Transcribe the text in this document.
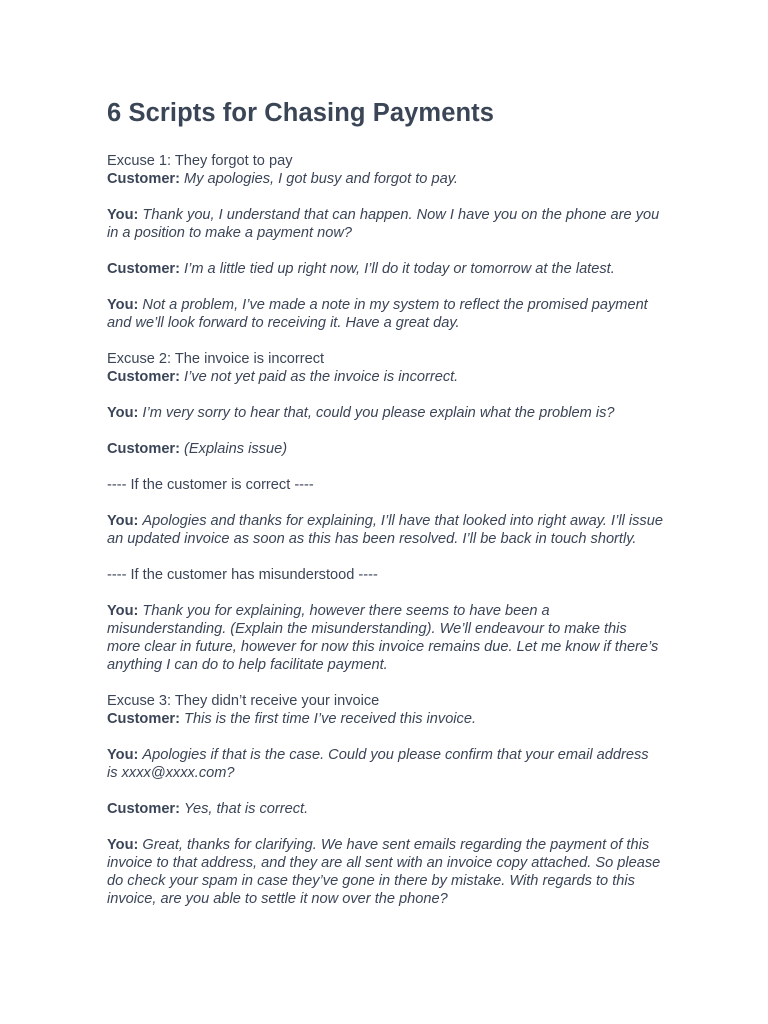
6 Scripts for Chasing Payments

Excuse 1: They forgot to pay

Customer: My apologies, I got busy and forgot to pay.

You: Thank you, I understand that can happen. Now I have you on the phone are you in a position to make a payment now?

Customer: I’m a little tied up right now, I’ll do it today or tomorrow at the latest.

You: Not a problem, I’ve made a note in my system to reflect the promised payment and we’ll look forward to receiving it. Have a great day.

Excuse 2: The invoice is incorrect

Customer: I’ve not yet paid as the invoice is incorrect.

You: I’m very sorry to hear that, could you please explain what the problem is?

Customer: (Explains issue)

---- If the customer is correct ----

You: Apologies and thanks for explaining, I’ll have that looked into right away. I’ll issue an updated invoice as soon as this has been resolved. I’ll be back in touch shortly.

---- If the customer has misunderstood ----

You: Thank you for explaining, however there seems to have been a misunderstanding. (Explain the misunderstanding). We’ll endeavour to make this more clear in future, however for now this invoice remains due. Let me know if there’s anything I can do to help facilitate payment.

Excuse 3: They didn’t receive your invoice

Customer: This is the first time I’ve received this invoice.

You: Apologies if that is the case. Could you please confirm that your email address is xxxx@xxxx.com?

Customer: Yes, that is correct.

You: Great, thanks for clarifying. We have sent emails regarding the payment of this invoice to that address, and they are all sent with an invoice copy attached. So please do check your spam in case they’ve gone in there by mistake. With regards to this invoice, are you able to settle it now over the phone?
